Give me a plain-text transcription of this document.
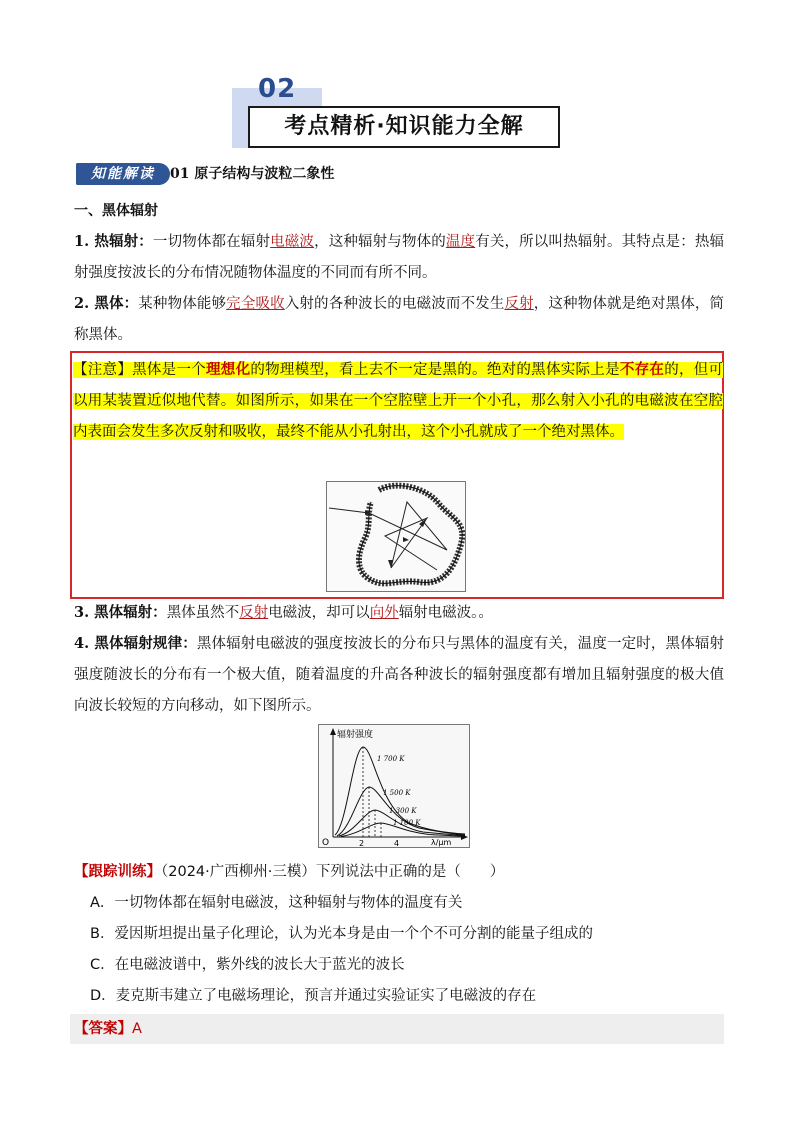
02
考点精析·知识能力全解
知能解读	01 原子结构与波粒二象性
一、黑体辐射
1. 热辐射：一切物体都在辐射电磁波，这种辐射与物体的温度有关，所以叫热辐射。其特点是：热辐射强度按波长的分布情况随物体温度的不同而有所不同。
2. 黑体：某种物体能够完全吸收入射的各种波长的电磁波而不发生反射，这种物体就是绝对黑体，简称黑体。
【注意】黑体是一个理想化的物理模型，看上去不一定是黑的。绝对的黑体实际上是不存在的，但可以用某装置近似地代替。如图所示，如果在一个空腔壁上开一个小孔，那么射入小孔的电磁波在空腔内表面会发生多次反射和吸收，最终不能从小孔射出，这个小孔就成了一个绝对黑体。
3. 黑体辐射：黑体虽然不反射电磁波，却可以向外辐射电磁波。。
4. 黑体辐射规律：黑体辐射电磁波的强度按波长的分布只与黑体的温度有关，温度一定时，黑体辐射强度随波长的分布有一个极大值，随着温度的升高各种波长的辐射强度都有增加且辐射强度的极大值向波长较短的方向移动，如下图所示。
辐射强度
λ/μm
O	2	4
1 700 K
1 500 K
1 300 K
1 100 K
【跟踪训练】（2024·广西柳州·三模）下列说法中正确的是（　　）
A．一切物体都在辐射电磁波，这种辐射与物体的温度有关
B．爱因斯坦提出量子化理论，认为光本身是由一个个不可分割的能量子组成的
C．在电磁波谱中，紫外线的波长大于蓝光的波长
D．麦克斯韦建立了电磁场理论，预言并通过实验证实了电磁波的存在
【答案】A
